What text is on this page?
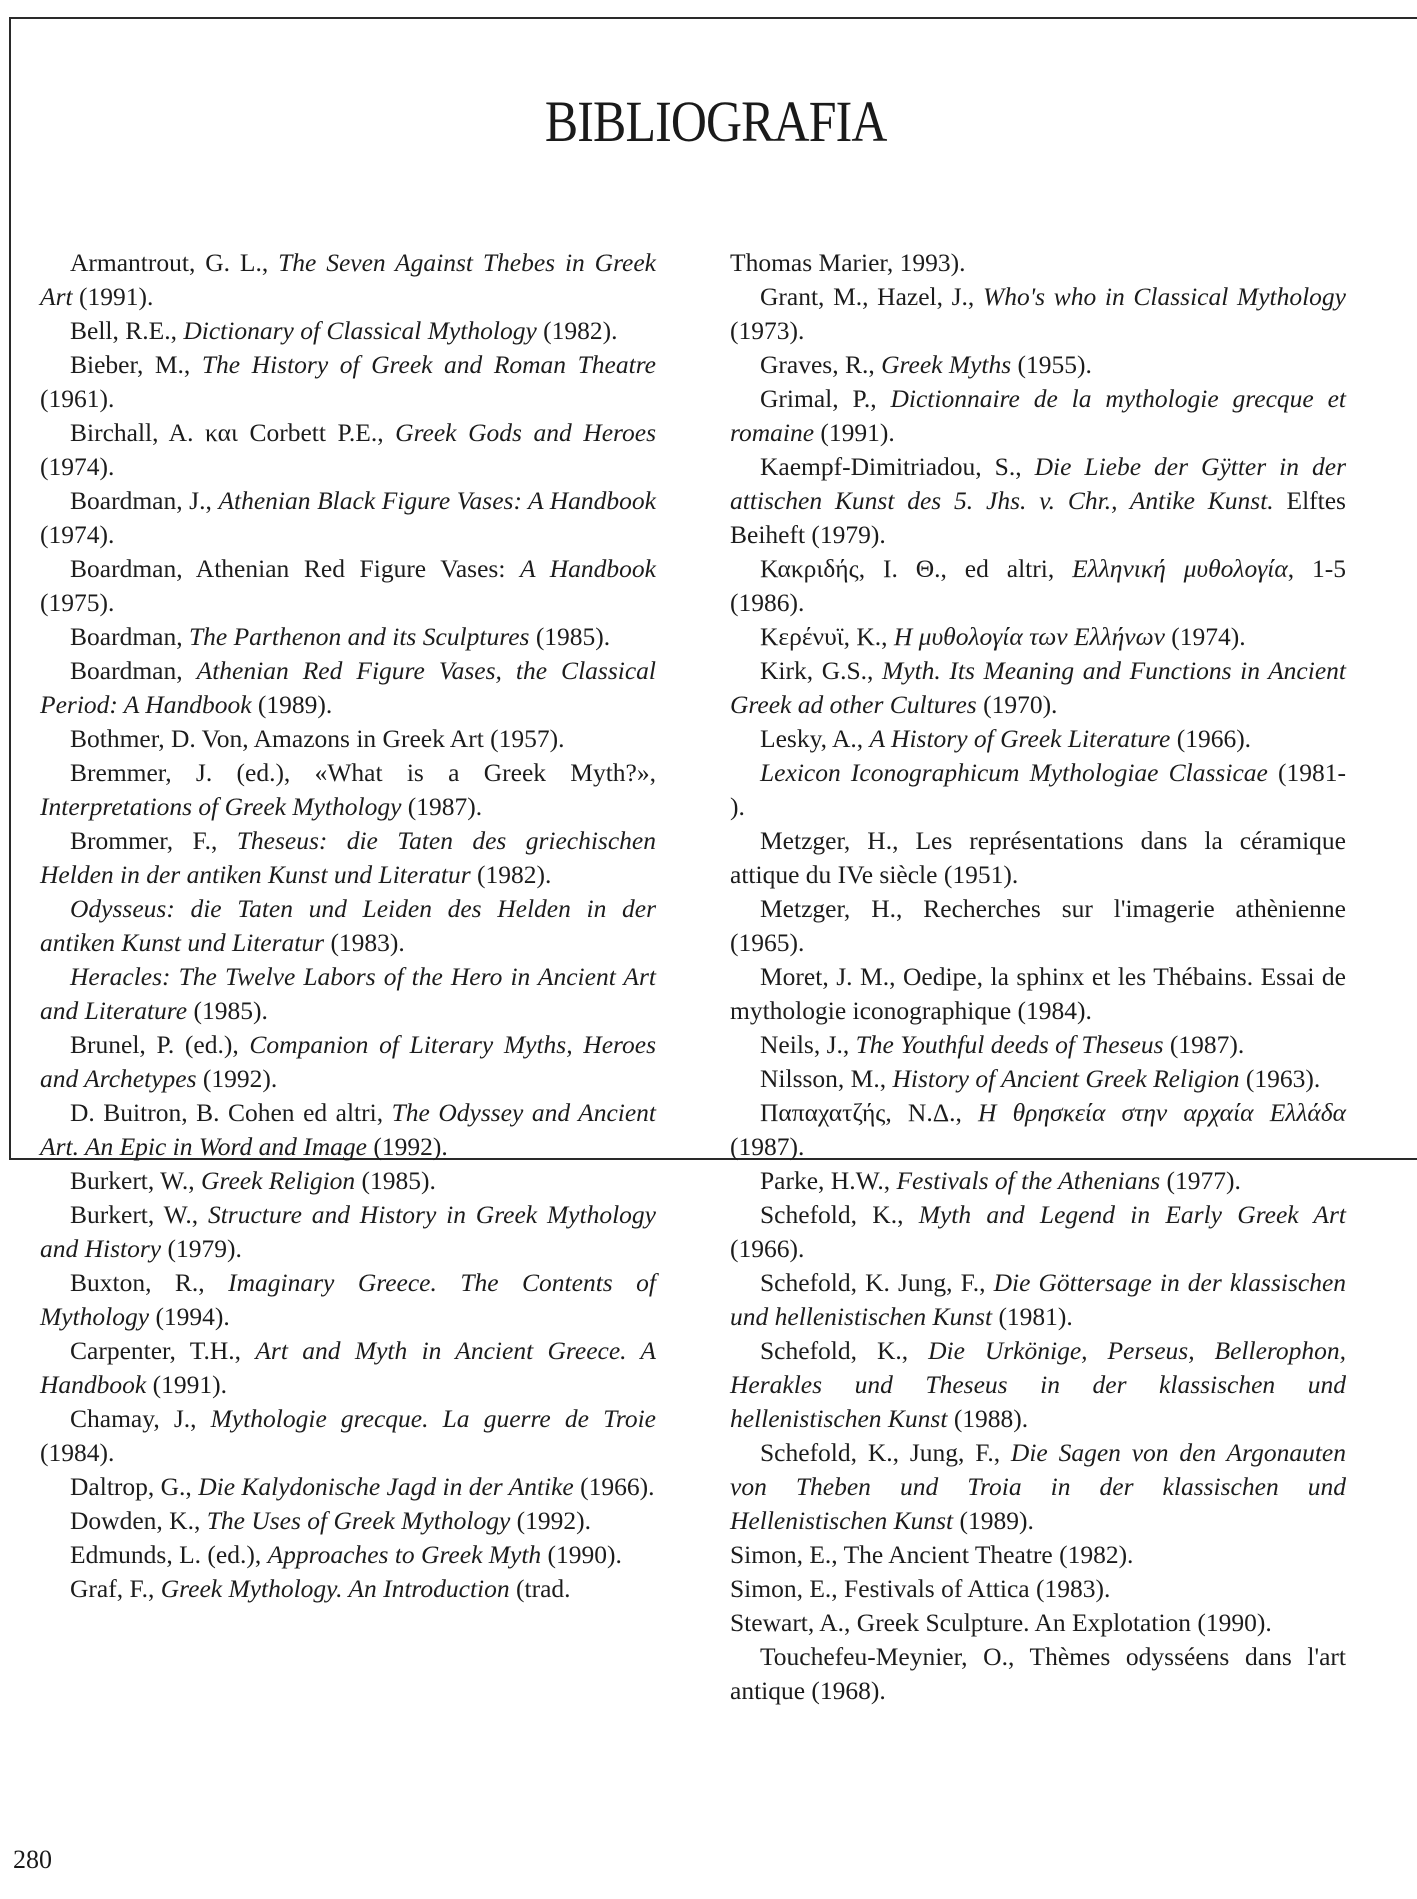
BIBLIOGRAFIA

Armantrout, G. L., The Seven Against Thebes in Greek Art (1991).

Bell, R.E., Dictionary of Classical Mythology (1982).

Bieber, M., The History of Greek and Roman Theatre (1961).

Birchall, A. και Corbett P.E., Greek Gods and Heroes (1974).

Boardman, J., Athenian Black Figure Vases: A Handbook (1974).

Boardman, Athenian Red Figure Vases: A Handbook (1975).

Boardman, The Parthenon and its Sculptures (1985).

Boardman, Athenian Red Figure Vases, the Classical Period: A Handbook (1989).

Bothmer, D. Von, Amazons in Greek Art (1957).

Bremmer, J. (ed.), «What is a Greek Myth?», Interpretations of Greek Mythology (1987).

Brommer, F., Theseus: die Taten des griechischen Helden in der antiken Kunst und Literatur (1982).

Odysseus: die Taten und Leiden des Helden in der antiken Kunst und Literatur (1983).

Heracles: The Twelve Labors of the Hero in Ancient Art and Literature (1985).

Brunel, P. (ed.), Companion of Literary Myths, Heroes and Archetypes (1992).

D. Buitron, B. Cohen ed altri, The Odyssey and Ancient Art. An Epic in Word and Image (1992).

Burkert, W., Greek Religion (1985).

Burkert, W., Structure and History in Greek Mythology and History (1979).

Buxton, R., Imaginary Greece. The Contents of Mythology (1994).

Carpenter, T.H., Art and Myth in Ancient Greece. A Handbook (1991).

Chamay, J., Mythologie grecque. La guerre de Troie (1984).

Daltrop, G., Die Kalydonische Jagd in der Antike (1966).

Dowden, K., The Uses of Greek Mythology (1992).

Edmunds, L. (ed.), Approaches to Greek Myth (1990).

Graf, F., Greek Mythology. An Introduction (trad.

Thomas Marier, 1993).

Grant, M., Hazel, J., Who's who in Classical Mythology (1973).

Graves, R., Greek Myths (1955).

Grimal, P., Dictionnaire de la mythologie grecque et romaine (1991).

Kaempf-Dimitriadou, S., Die Liebe der Gÿtter in der attischen Kunst des 5. Jhs. v. Chr., Antike Kunst. Elftes Beiheft (1979).

Κακριδής, Ι. Θ., ed altri, Ελληνική μυθολογία, 1-5 (1986).

Κερένυϊ, Κ., Η μυθολογία των Ελλήνων (1974).

Kirk, G.S., Myth. Its Meaning and Functions in Ancient Greek ad other Cultures (1970).

Lesky, A., A History of Greek Literature (1966).

Lexicon Iconographicum Mythologiae Classicae (1981- ).

Metzger, H., Les représentations dans la céramique attique du IVe siècle (1951).

Metzger, H., Recherches sur l'imagerie athènienne (1965).

Moret, J. M., Oedipe, la sphinx et les Thébains. Essai de mythologie iconographique (1984).

Neils, J., The Youthful deeds of Theseus (1987).

Nilsson, M., History of Ancient Greek Religion (1963).

Παπαχατζής, Ν.Δ., Η θρησκεία στην αρχαία Ελλάδα (1987).

Parke, H.W., Festivals of the Athenians (1977).

Schefold, K., Myth and Legend in Early Greek Art (1966).

Schefold, K. Jung, F., Die Göttersage in der klassischen und hellenistischen Kunst (1981).

Schefold, K., Die Urkönige, Perseus, Bellerophon, Herakles und Theseus in der klassischen und hellenistischen Kunst (1988).

Schefold, K., Jung, F., Die Sagen von den Argonauten von Theben und Troia in der klassischen und Hellenistischen Kunst (1989).

Simon, E., The Ancient Theatre (1982).

Simon, E., Festivals of Attica (1983).

Stewart, A., Greek Sculpture. An Explotation (1990).

Touchefeu-Meynier, O., Thèmes odysséens dans l'art antique (1968).

280
